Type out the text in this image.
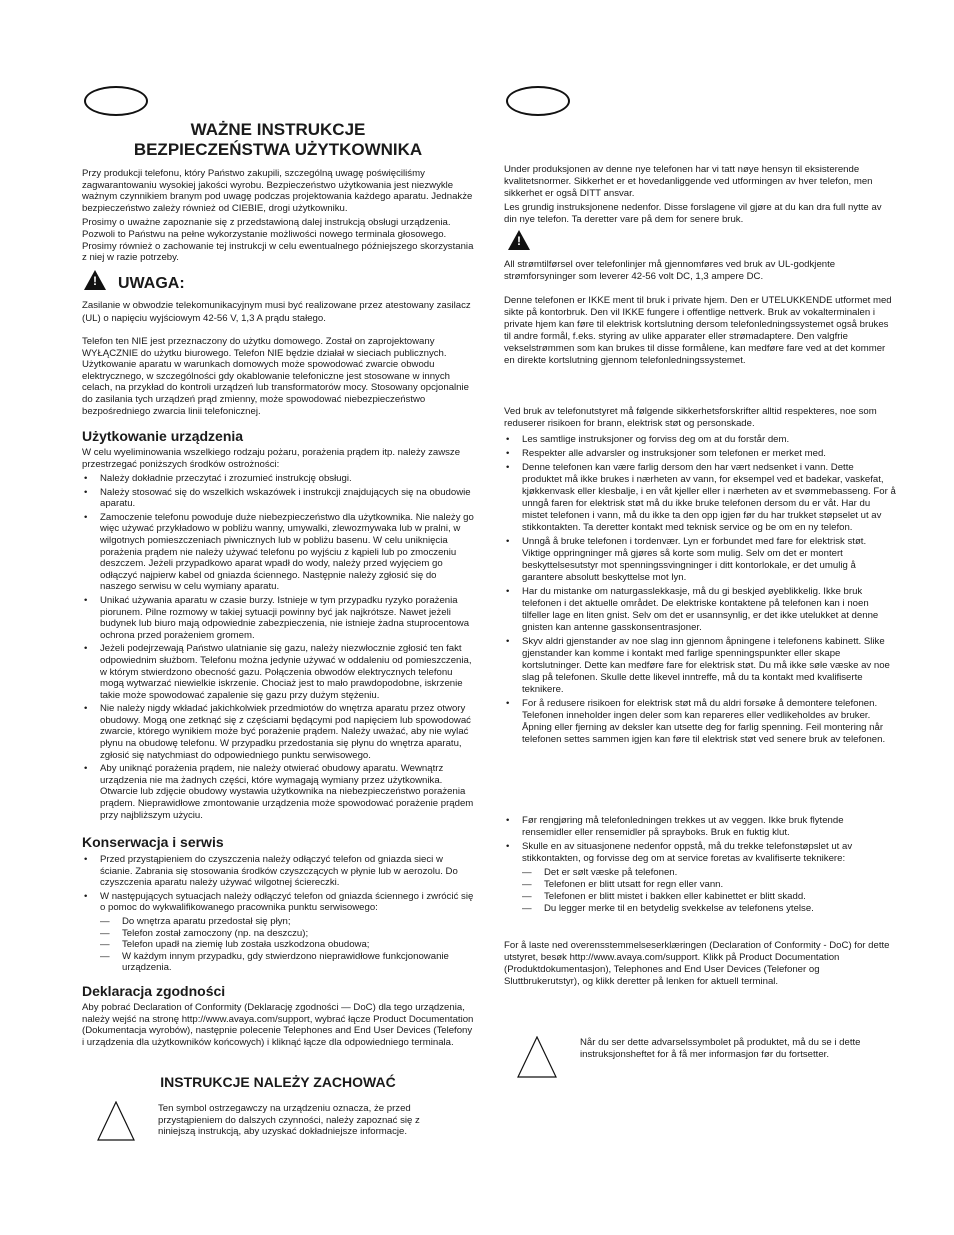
WAŻNE INSTRUKCJE
BEZPIECZEŃSTWA UŻYTKOWNIKA

Przy produkcji telefonu, który Państwo zakupili, szczególną uwagę poświęciliśmy zagwarantowaniu wysokiej jakości wyrobu. Bezpieczeństwo użytkowania jest niezwykle ważnym czynnikiem branym pod uwagę podczas projektowania każdego aparatu. Jednakże bezpieczeństwo zależy również od CIEBIE, drogi użytkowniku.

Prosimy o uważne zapoznanie się z przedstawioną dalej instrukcją obsługi urządzenia. Pozwoli to Państwu na pełne wykorzystanie możliwości nowego terminala głosowego. Prosimy również o zachowanie tej instrukcji w celu ewentualnego późniejszego skorzystania z niej w razie potrzeby.

! UWAGA:
Zasilanie w obwodzie telekomunikacyjnym musi być realizowane przez atestowany zasilacz (UL) o napięciu wyjściowym 42-56 V, 1,3 A prądu stałego.
Telefon ten NIE jest przeznaczony do użytku domowego. Został on zaprojektowany WYŁĄCZNIE do użytku biurowego. Telefon NIE będzie działał w sieciach publicznych. Użytkowanie aparatu w warunkach domowych może spowodować zwarcie obwodu elektrycznego, w szczególności gdy okablowanie telefoniczne jest stosowane w innych celach, na przykład do kontroli urządzeń lub transformatorów mocy. Stosowany opcjonalnie do zasilania tych urządzeń prąd zmienny, może spowodować niebezpieczeństwo bezpośredniego zwarcia linii telefonicznej.
Użytkowanie urządzenia
W celu wyeliminowania wszelkiego rodzaju pożaru, porażenia prądem itp. należy zawsze przestrzegać poniższych środków ostrożności:
• Należy dokładnie przeczytać i zrozumieć instrukcję obsługi.
• Należy stosować się do wszelkich wskazówek i instrukcji znajdujących się na obudowie aparatu.
• Zamoczenie telefonu powoduje duże niebezpieczeństwo dla użytkownika. Nie należy go więc używać przykładowo w pobliżu wanny, umywalki, zlewozmywaka lub w pralni, w wilgotnych pomieszczeniach piwnicznych lub w pobliżu basenu. W celu uniknięcia porażenia prądem nie należy używać telefonu po wyjściu z kąpieli lub po zmoczeniu deszczem. Jeżeli przypadkowo aparat wpadł do wody, należy przed wyjęciem go odłączyć najpierw kabel od gniazda ściennego. Następnie należy zgłosić się do naszego serwisu w celu wymiany aparatu.
• Unikać używania aparatu w czasie burzy. Istnieje w tym przypadku ryzyko porażenia piorunem. Pilne rozmowy w takiej sytuacji powinny być jak najkrótsze. Nawet jeżeli budynek lub biuro mają odpowiednie zabezpieczenia, nie istnieje żadna stuprocentowa ochrona przed porażeniem gromem.
• Jeżeli podejrzewają Państwo ulatnianie się gazu, należy niezwłocznie zgłosić ten fakt odpowiednim służbom. Telefonu można jedynie używać w oddaleniu od pomieszczenia, w którym stwierdzono obecność gazu. Połączenia obwodów elektrycznych telefonu mogą wytwarzać niewielkie iskrzenie. Chociaż jest to mało prawdopodobne, iskrzenie takie może spowodować zapalenie się gazu przy dużym stężeniu.
• Nie należy nigdy wkładać jakichkolwiek przedmiotów do wnętrza aparatu przez otwory obudowy. Mogą one zetknąć się z częściami będącymi pod napięciem lub spowodować zwarcie, którego wynikiem może być porażenie prądem. Należy uważać, aby nie wylać płynu na obudowę telefonu. W przypadku przedostania się płynu do wnętrza aparatu, zgłosić się natychmiast do odpowiedniego punktu serwisowego.
• Aby uniknąć porażenia prądem, nie należy otwierać obudowy aparatu. Wewnątrz urządzenia nie ma żadnych części, które wymagają wymiany przez użytkownika. Otwarcie lub zdjęcie obudowy wystawia użytkownika na niebezpieczeństwo porażenia prądem. Nieprawidłowe zmontowanie urządzenia może spowodować porażenie prądem przy najbliższym użyciu.
Konserwacja i serwis
• Przed przystąpieniem do czyszczenia należy odłączyć telefon od gniazda sieci w ścianie. Zabrania się stosowania środków czyszczących w płynie lub w aerozolu. Do czyszczenia aparatu należy używać wilgotnej ściereczki.
• W następujących sytuacjach należy odłączyć telefon od gniazda ściennego i zwrócić się o pomoc do wykwalifikowanego pracownika punktu serwisowego:
— Do wnętrza aparatu przedostał się płyn;
— Telefon został zamoczony (np. na deszczu);
— Telefon upadł na ziemię lub została uszkodzona obudowa;
— W każdym innym przypadku, gdy stwierdzono nieprawidłowe funkcjonowanie urządzenia.
Deklaracja zgodności
Aby pobrać Declaration of Conformity (Deklarację zgodności — DoC) dla tego urządzenia, należy wejść na stronę http://www.avaya.com/support, wybrać łącze Product Documentation (Dokumentacja wyrobów), następnie polecenie Telephones and End User Devices (Telefony i urządzenia dla użytkowników końcowych) i kliknąć łącze dla odpowiedniego terminala.
INSTRUKCJE NALEŻY ZACHOWAĆ
Ten symbol ostrzegawczy na urządzeniu oznacza, że przed przystąpieniem do dalszych czynności, należy zapoznać się z niniejszą instrukcją, aby uzyskać dokładniejsze informacje.

Under produksjonen av denne nye telefonen har vi tatt nøye hensyn til eksisterende kvalitetsnormer. Sikkerhet er et hovedanliggende ved utformingen av hver telefon, men sikkerhet er også DITT ansvar.

Les grundig instruksjonene nedenfor. Disse forslagene vil gjøre at du kan dra full nytte av din nye telefon. Ta deretter vare på dem for senere bruk.

!
All strømtilførsel over telefonlinjer må gjennomføres ved bruk av UL-godkjente strømforsyninger som leverer 42-56 volt DC, 1,3 ampere DC.
Denne telefonen er IKKE ment til bruk i private hjem. Den er UTELUKKENDE utformet med sikte på kontorbruk. Den vil IKKE fungere i offentlige nettverk. Bruk av vokalterminalen i private hjem kan føre til elektrisk kortslutning dersom telefonledningssystemet også brukes til andre formål, f.eks. styring av ulike apparater eller strømadaptere. Den valgfrie vekselstrømmen som kan brukes til disse formålene, kan medføre fare ved at det kommer en direkte kortslutning gjennom telefonledningssystemet.
Ved bruk av telefonutstyret må følgende sikkerhetsforskrifter alltid respekteres, noe som reduserer risikoen for brann, elektrisk støt og personskade.
• Les samtlige instruksjoner og forviss deg om at du forstår dem.
• Respekter alle advarsler og instruksjoner som telefonen er merket med.
• Denne telefonen kan være farlig dersom den har vært nedsenket i vann. Dette produktet må ikke brukes i nærheten av vann, for eksempel ved et badekar, vaskefat, kjøkkenvask eller klesbalje, i en våt kjeller eller i nærheten av et svømmebasseng. For å unngå faren for elektrisk støt må du ikke bruke telefonen dersom du er våt. Har du mistet telefonen i vann, må du ikke ta den opp igjen før du har trukket støpselet ut av stikkontakten. Ta deretter kontakt med teknisk service og be om en ny telefon.
• Unngå å bruke telefonen i tordenvær. Lyn er forbundet med fare for elektrisk støt. Viktige oppringninger må gjøres så korte som mulig. Selv om det er montert beskyttelsesutstyr mot spenningssvingninger i ditt kontorlokale, er det umulig å garantere absolutt beskyttelse mot lyn.
• Har du mistanke om naturgasslekkasje, må du gi beskjed øyeblikkelig. Ikke bruk telefonen i det aktuelle området. De elektriske kontaktene på telefonen kan i noen tilfeller lage en liten gnist. Selv om det er usannsynlig, er det ikke utelukket at denne gnisten kan antenne gasskonsentrasjoner.
• Skyv aldri gjenstander av noe slag inn gjennom åpningene i telefonens kabinett. Slike gjenstander kan komme i kontakt med farlige spenningspunkter eller skape kortslutninger. Dette kan medføre fare for elektrisk støt. Du må ikke søle væske av noe slag på telefonen. Skulle dette likevel inntreffe, må du ta kontakt med kvalifiserte teknikere.
• For å redusere risikoen for elektrisk støt må du aldri forsøke å demontere telefonen. Telefonen inneholder ingen deler som kan repareres eller vedlikeholdes av bruker. Åpning eller fjerning av deksler kan utsette deg for farlig spenning. Feil montering når telefonen settes sammen igjen kan føre til elektrisk støt ved senere bruk av telefonen.
• Før rengjøring må telefonledningen trekkes ut av veggen. Ikke bruk flytende rensemidler eller rensemidler på sprayboks. Bruk en fuktig klut.
• Skulle en av situasjonene nedenfor oppstå, må du trekke telefonstøpslet ut av stikkontakten, og forvisse deg om at service foretas av kvalifiserte teknikere:
— Det er sølt væske på telefonen.
— Telefonen er blitt utsatt for regn eller vann.
— Telefonen er blitt mistet i bakken eller kabinettet er blitt skadd.
— Du legger merke til en betydelig svekkelse av telefonens ytelse.
For å laste ned overensstemmelseserklæringen (Declaration of Conformity - DoC) for dette utstyret, besøk http://www.avaya.com/support. Klikk på Product Documentation (Produktdokumentasjon), Telephones and End User Devices (Telefoner og Sluttbrukerutstyr), og klikk deretter på lenken for aktuell terminal.
Når du ser dette advarselssymbolet på produktet, må du se i dette instruksjonsheftet for å få mer informasjon før du fortsetter.
